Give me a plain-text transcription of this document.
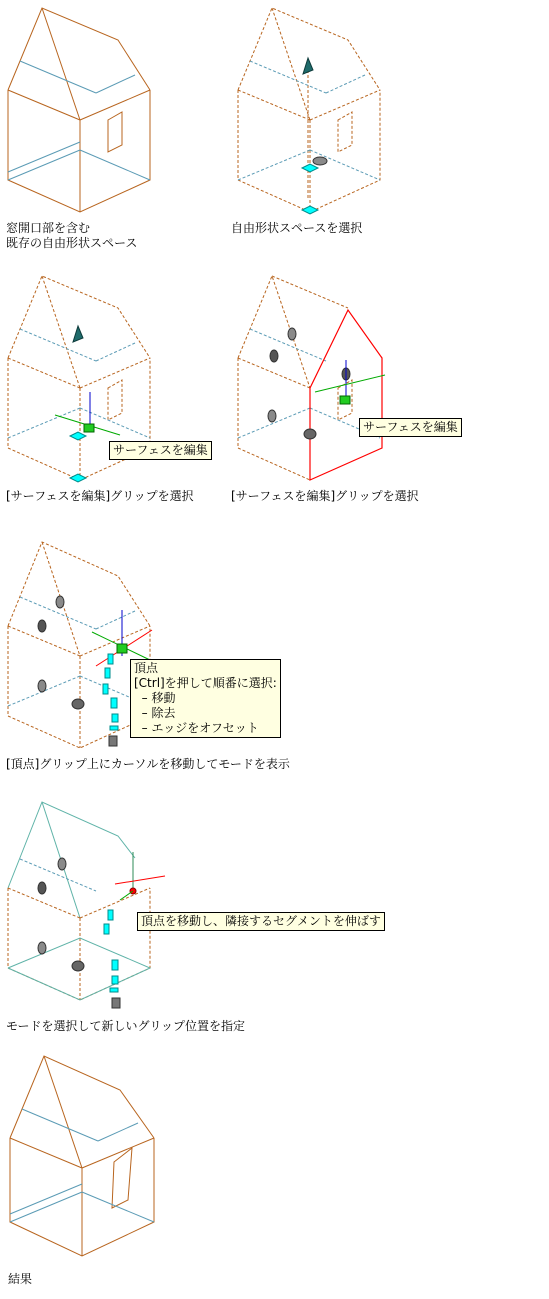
窓開口部を含む
既存の自由形状スペース
自由形状スペースを選択
サーフェスを編集
[サーフェスを編集]グリップを選択
サーフェスを編集
[サーフェスを編集]グリップを選択
頂点
[Ctrl]を押して順番に選択:
– 移動
– 除去
– エッジをオフセット
[頂点]グリップ上にカーソルを移動してモードを表示
頂点を移動し、隣接するセグメントを伸ばす
モードを選択して新しいグリップ位置を指定
結果
